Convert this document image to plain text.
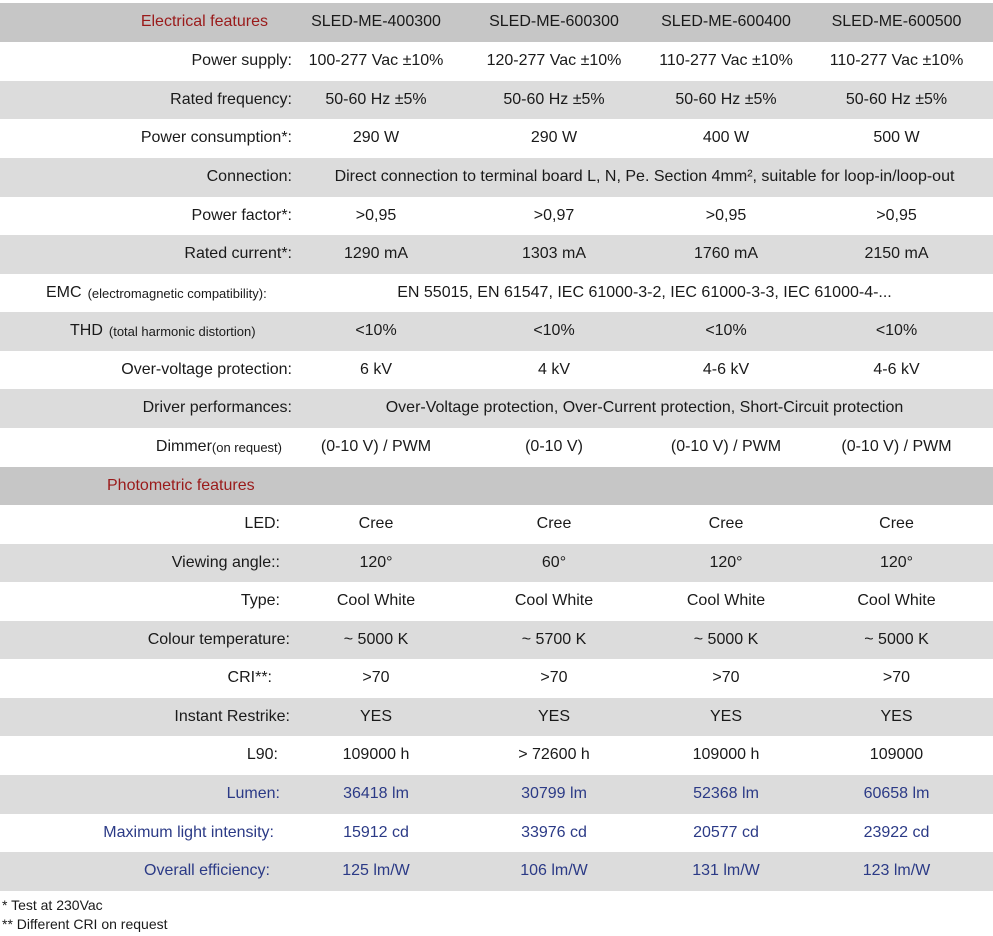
Electrical features	SLED-ME-400300	SLED-ME-600300	SLED-ME-600400	SLED-ME-600500
Power supply:	100-277 Vac ±10%	120-277 Vac ±10%	110-277 Vac ±10%	110-277 Vac ±10%
Rated frequency:	50-60 Hz ±5%	50-60 Hz ±5%	50-60 Hz ±5%	50-60 Hz ±5%
Power consumption*:	290 W	290 W	400 W	500 W
Connection:	Direct connection to terminal board L, N, Pe. Section 4mm², suitable for loop-in/loop-out
Power factor*:	>0,95	>0,97	>0,95	>0,95
Rated current*:	1290 mA	1303 mA	1760 mA	2150 mA
EMC (electromagnetic compatibility):	EN 55015, EN 61547, IEC 61000-3-2, IEC 61000-3-3, IEC 61000-4-...
THD (total harmonic distortion)	<10%	<10%	<10%	<10%
Over-voltage protection:	6 kV	4 kV	4-6 kV	4-6 kV
Driver performances:	Over-Voltage protection, Over-Current protection, Short-Circuit protection
Dimmer (on request)	(0-10 V) / PWM	(0-10 V)	(0-10 V) / PWM	(0-10 V) / PWM
Photometric features
LED:	Cree	Cree	Cree	Cree
Viewing angle::	120°	60°	120°	120°
Type:	Cool White	Cool White	Cool White	Cool White
Colour temperature:	~ 5000 K	~ 5700 K	~ 5000 K	~ 5000 K
CRI**:	>70	>70	>70	>70
Instant Restrike:	YES	YES	YES	YES
L90:	109000 h	> 72600 h	109000 h	109000
Lumen:	36418 lm	30799 lm	52368 lm	60658 lm
Maximum light intensity:	15912 cd	33976 cd	20577 cd	23922 cd
Overall efficiency:	125 lm/W	106 lm/W	131 lm/W	123 lm/W
* Test at 230Vac
** Different CRI on request
